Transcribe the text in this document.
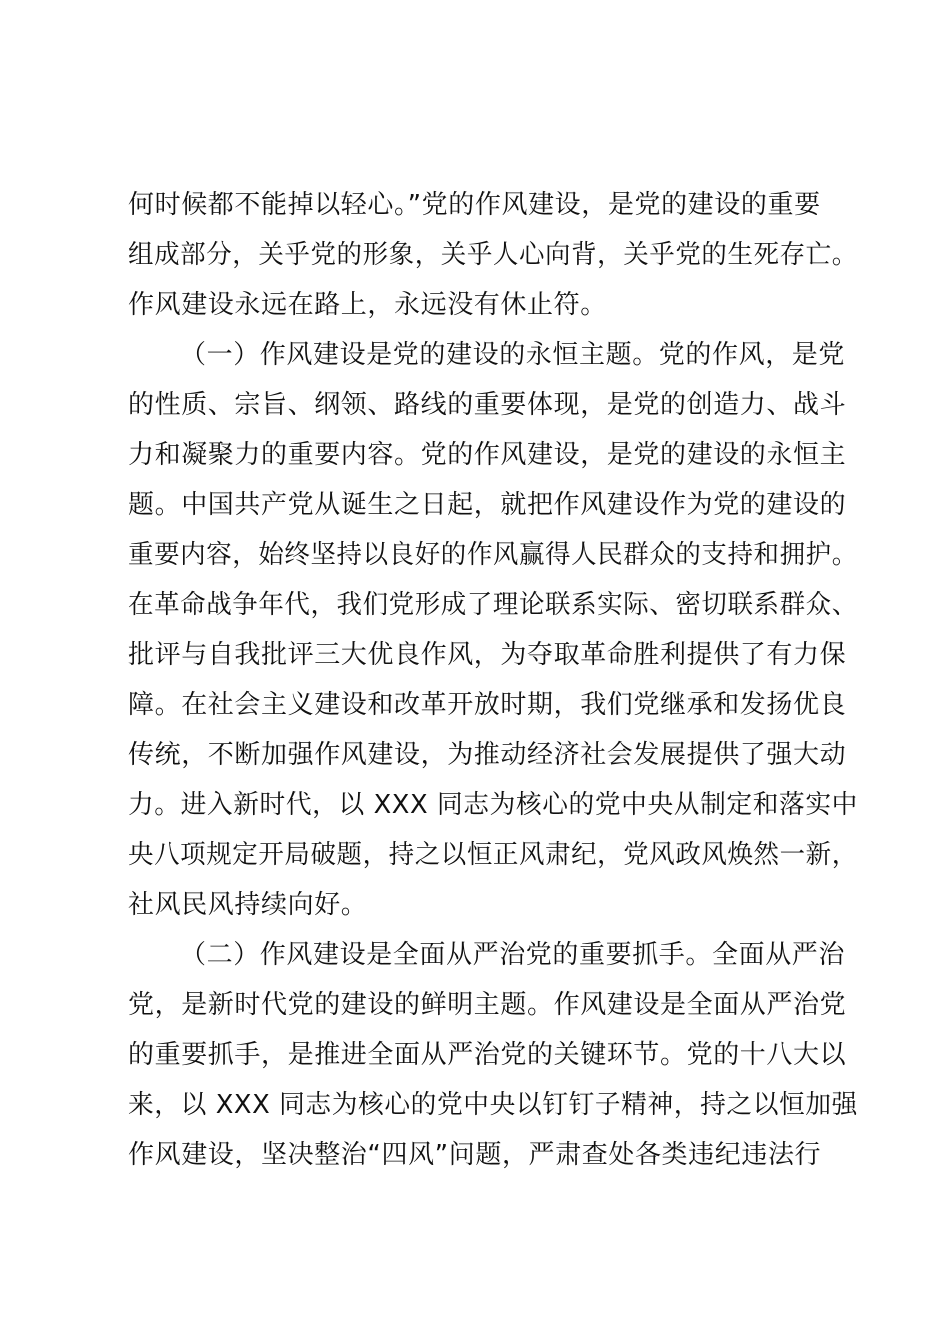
何时候都不能掉以轻心。”党的作风建设，是党的建设的重要
组成部分，关乎党的形象，关乎人心向背，关乎党的生死存亡。
作风建设永远在路上，永远没有休止符。
（一）作风建设是党的建设的永恒主题。党的作风，是党
的性质、宗旨、纲领、路线的重要体现，是党的创造力、战斗
力和凝聚力的重要内容。党的作风建设，是党的建设的永恒主
题。中国共产党从诞生之日起，就把作风建设作为党的建设的
重要内容，始终坚持以良好的作风赢得人民群众的支持和拥护。
在革命战争年代，我们党形成了理论联系实际、密切联系群众、
批评与自我批评三大优良作风，为夺取革命胜利提供了有力保
障。在社会主义建设和改革开放时期，我们党继承和发扬优良
传统，不断加强作风建设，为推动经济社会发展提供了强大动
力。进入新时代，以 XXX 同志为核心的党中央从制定和落实中
央八项规定开局破题，持之以恒正风肃纪，党风政风焕然一新，
社风民风持续向好。
（二）作风建设是全面从严治党的重要抓手。全面从严治
党，是新时代党的建设的鲜明主题。作风建设是全面从严治党
的重要抓手，是推进全面从严治党的关键环节。党的十八大以
来，以 XXX 同志为核心的党中央以钉钉子精神，持之以恒加强
作风建设，坚决整治“四风”问题，严肃查处各类违纪违法行
